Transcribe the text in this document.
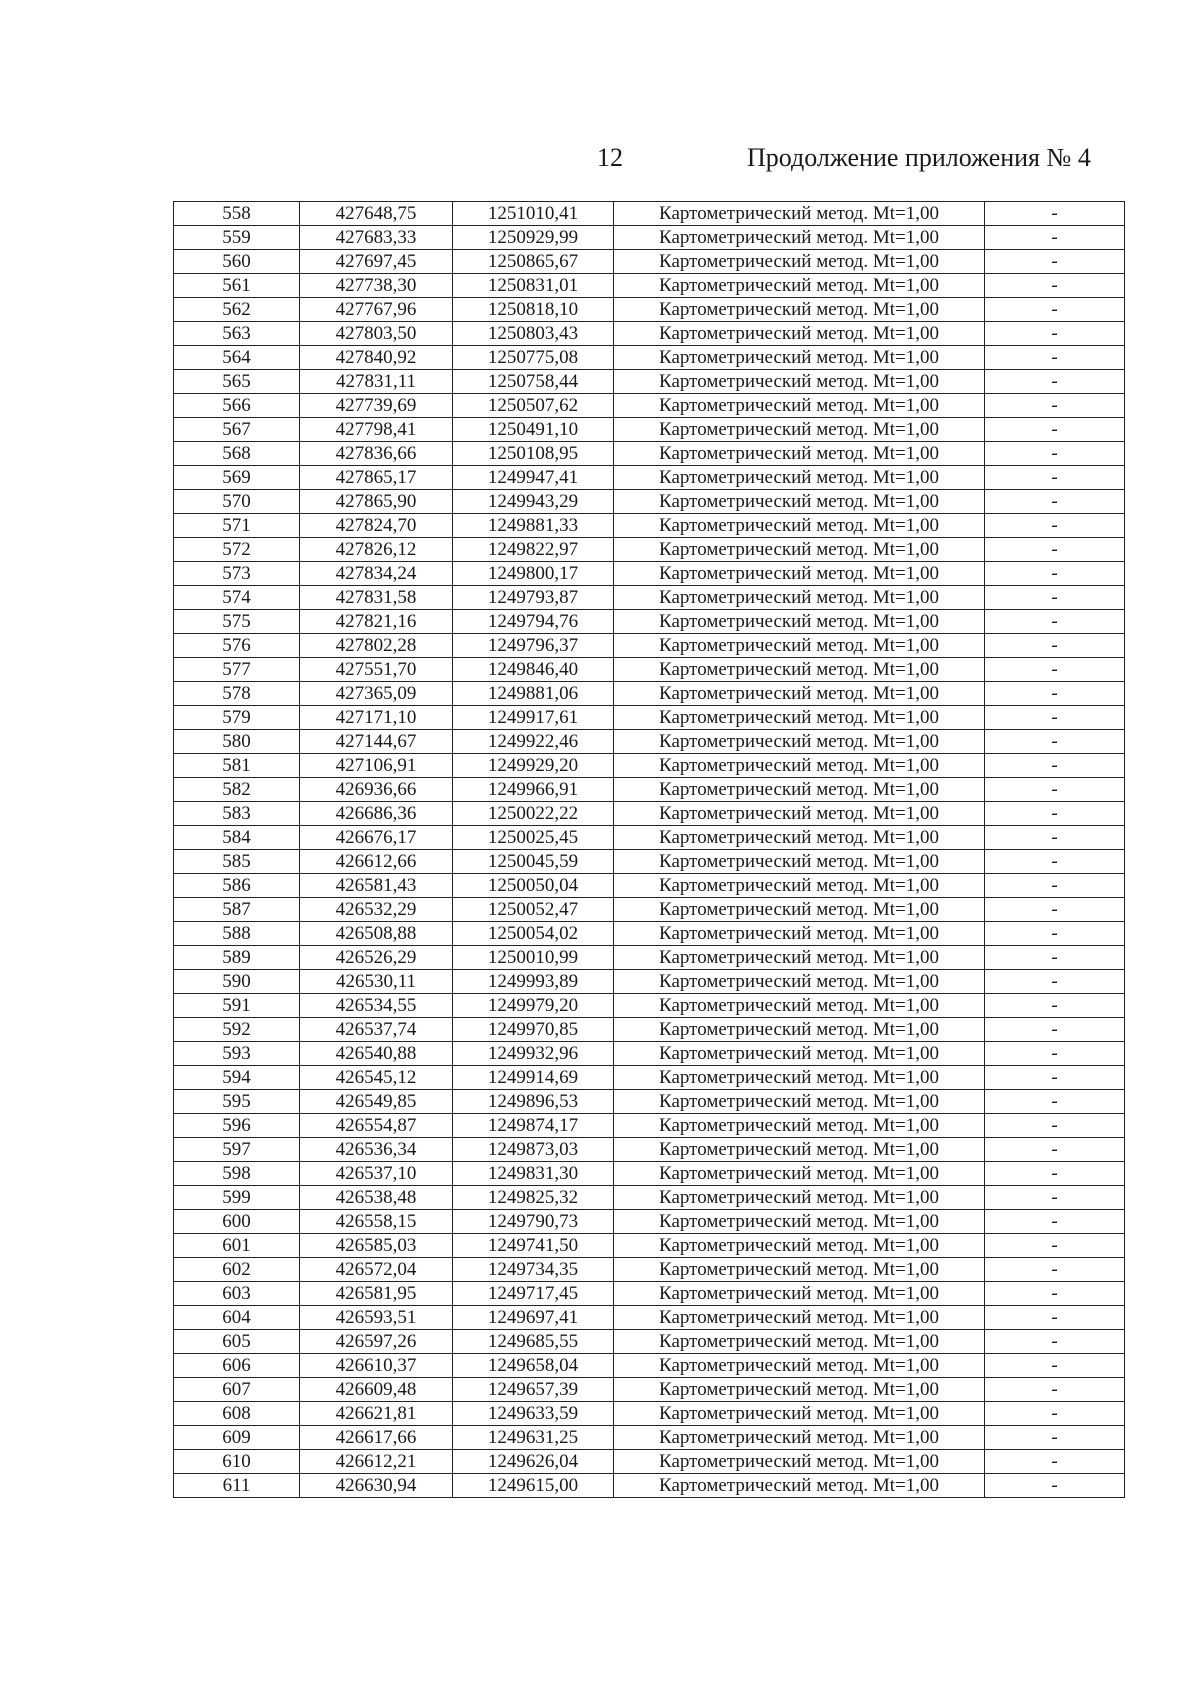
12	Продолжение приложения № 4
558	427648,75	1251010,41	Картометрический метод. Mt=1,00	-
559	427683,33	1250929,99	Картометрический метод. Mt=1,00	-
560	427697,45	1250865,67	Картометрический метод. Mt=1,00	-
561	427738,30	1250831,01	Картометрический метод. Mt=1,00	-
562	427767,96	1250818,10	Картометрический метод. Mt=1,00	-
563	427803,50	1250803,43	Картометрический метод. Mt=1,00	-
564	427840,92	1250775,08	Картометрический метод. Mt=1,00	-
565	427831,11	1250758,44	Картометрический метод. Mt=1,00	-
566	427739,69	1250507,62	Картометрический метод. Mt=1,00	-
567	427798,41	1250491,10	Картометрический метод. Mt=1,00	-
568	427836,66	1250108,95	Картометрический метод. Mt=1,00	-
569	427865,17	1249947,41	Картометрический метод. Mt=1,00	-
570	427865,90	1249943,29	Картометрический метод. Mt=1,00	-
571	427824,70	1249881,33	Картометрический метод. Mt=1,00	-
572	427826,12	1249822,97	Картометрический метод. Mt=1,00	-
573	427834,24	1249800,17	Картометрический метод. Mt=1,00	-
574	427831,58	1249793,87	Картометрический метод. Mt=1,00	-
575	427821,16	1249794,76	Картометрический метод. Mt=1,00	-
576	427802,28	1249796,37	Картометрический метод. Mt=1,00	-
577	427551,70	1249846,40	Картометрический метод. Mt=1,00	-
578	427365,09	1249881,06	Картометрический метод. Mt=1,00	-
579	427171,10	1249917,61	Картометрический метод. Mt=1,00	-
580	427144,67	1249922,46	Картометрический метод. Mt=1,00	-
581	427106,91	1249929,20	Картометрический метод. Mt=1,00	-
582	426936,66	1249966,91	Картометрический метод. Mt=1,00	-
583	426686,36	1250022,22	Картометрический метод. Mt=1,00	-
584	426676,17	1250025,45	Картометрический метод. Mt=1,00	-
585	426612,66	1250045,59	Картометрический метод. Mt=1,00	-
586	426581,43	1250050,04	Картометрический метод. Mt=1,00	-
587	426532,29	1250052,47	Картометрический метод. Mt=1,00	-
588	426508,88	1250054,02	Картометрический метод. Mt=1,00	-
589	426526,29	1250010,99	Картометрический метод. Mt=1,00	-
590	426530,11	1249993,89	Картометрический метод. Mt=1,00	-
591	426534,55	1249979,20	Картометрический метод. Mt=1,00	-
592	426537,74	1249970,85	Картометрический метод. Mt=1,00	-
593	426540,88	1249932,96	Картометрический метод. Mt=1,00	-
594	426545,12	1249914,69	Картометрический метод. Mt=1,00	-
595	426549,85	1249896,53	Картометрический метод. Mt=1,00	-
596	426554,87	1249874,17	Картометрический метод. Mt=1,00	-
597	426536,34	1249873,03	Картометрический метод. Mt=1,00	-
598	426537,10	1249831,30	Картометрический метод. Mt=1,00	-
599	426538,48	1249825,32	Картометрический метод. Mt=1,00	-
600	426558,15	1249790,73	Картометрический метод. Mt=1,00	-
601	426585,03	1249741,50	Картометрический метод. Mt=1,00	-
602	426572,04	1249734,35	Картометрический метод. Mt=1,00	-
603	426581,95	1249717,45	Картометрический метод. Mt=1,00	-
604	426593,51	1249697,41	Картометрический метод. Mt=1,00	-
605	426597,26	1249685,55	Картометрический метод. Mt=1,00	-
606	426610,37	1249658,04	Картометрический метод. Mt=1,00	-
607	426609,48	1249657,39	Картометрический метод. Mt=1,00	-
608	426621,81	1249633,59	Картометрический метод. Mt=1,00	-
609	426617,66	1249631,25	Картометрический метод. Mt=1,00	-
610	426612,21	1249626,04	Картометрический метод. Mt=1,00	-
611	426630,94	1249615,00	Картометрический метод. Mt=1,00	-
